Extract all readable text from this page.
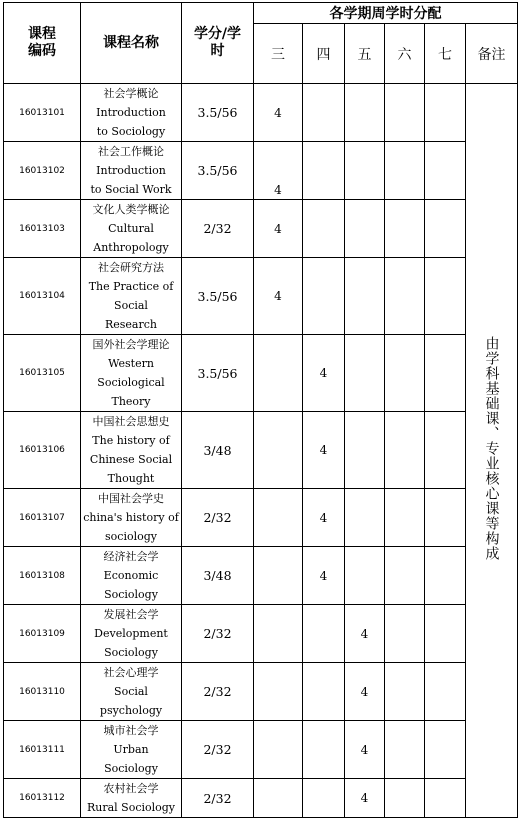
课程编码	课程名称	学分/学时	各学期周学时分配					
			三	四	五	六	七	备注
16013101	社会学概论
Introduction
to Sociology	3.5/56	4					由学科基础课、专业核心课等构成
16013102	社会工作概论
Introduction
to Social Work	3.5/56	4					
16013103	文化人类学概论
Cultural
Anthropology	2/32	4					
16013104	社会研究方法
The Practice of
Social
Research	3.5/56	4					
16013105	国外社会学理论
Western
Sociological
Theory	3.5/56		4				
16013106	中国社会思想史
The history of
Chinese Social
Thought	3/48		4				
16013107	中国社会学史
china's history of
sociology	2/32		4				
16013108	经济社会学
Economic
Sociology	3/48		4				
16013109	发展社会学
Development
Sociology	2/32			4			
16013110	社会心理学
Social
psychology	2/32			4			
16013111	城市社会学
Urban
Sociology	2/32			4			
16013112	农村社会学
Rural Sociology	2/32			4			
